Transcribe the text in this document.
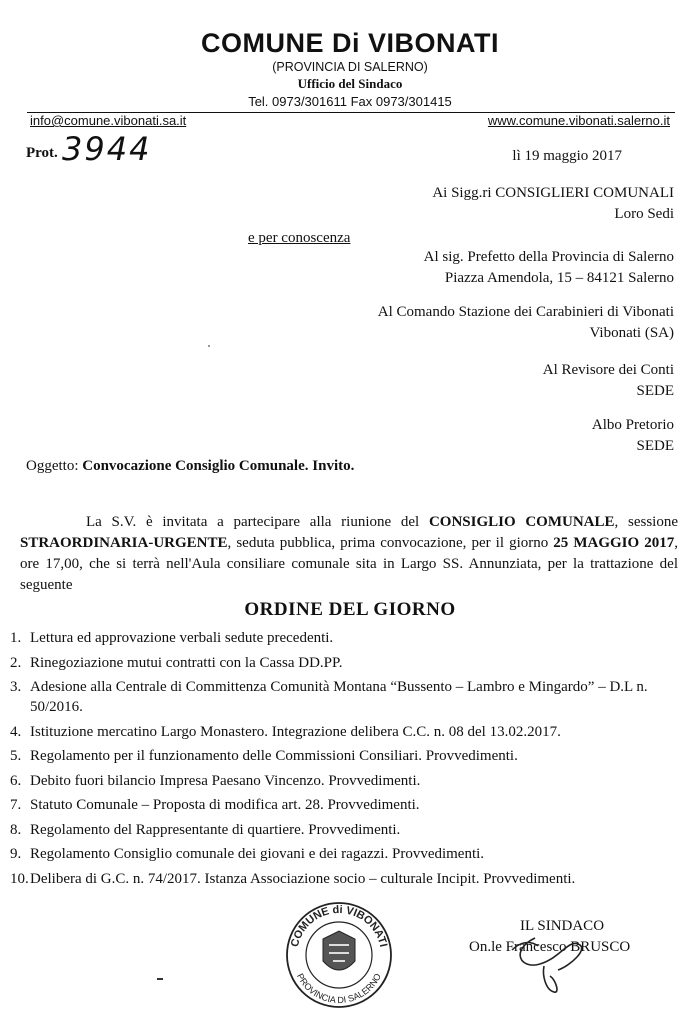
COMUNE Di VIBONATI
(PROVINCIA DI SALERNO)
Ufficio del Sindaco
Tel. 0973/301611 Fax 0973/301415
info@comune.vibonati.sa.it	www.comune.vibonati.salerno.it
Prot. 3944	lì 19 maggio 2017
Ai Sigg.ri CONSIGLIERI COMUNALI
Loro Sedi
e per conoscenza
Al sig. Prefetto della Provincia di Salerno
Piazza Amendola, 15 – 84121 Salerno
Al Comando Stazione dei Carabinieri di Vibonati
Vibonati (SA)
Al Revisore dei Conti
SEDE
Albo Pretorio
SEDE
Oggetto: Convocazione Consiglio Comunale. Invito.
La S.V. è invitata a partecipare alla riunione del CONSIGLIO COMUNALE, sessione STRAORDINARIA-URGENTE, seduta pubblica, prima convocazione, per il giorno 25 MAGGIO 2017, ore 17,00, che si terrà nell'Aula consiliare comunale sita in Largo SS. Annunziata, per la trattazione del seguente
ORDINE DEL GIORNO
1. Lettura ed approvazione verbali sedute precedenti.
2. Rinegoziazione mutui contratti con la Cassa DD.PP.
3. Adesione alla Centrale di Committenza Comunità Montana “Bussento – Lambro e Mingardo” – D.L n. 50/2016.
4. Istituzione mercatino Largo Monastero. Integrazione delibera C.C. n. 08 del 13.02.2017.
5. Regolamento per il funzionamento delle Commissioni Consiliari. Provvedimenti.
6. Debito fuori bilancio Impresa Paesano Vincenzo. Provvedimenti.
7. Statuto Comunale – Proposta di modifica art. 28. Provvedimenti.
8. Regolamento del Rappresentante di quartiere. Provvedimenti.
9. Regolamento Consiglio comunale dei giovani e dei ragazzi. Provvedimenti.
10. Delibera di G.C. n. 74/2017. Istanza Associazione socio – culturale Incipit. Provvedimenti.
COMUNE di VIBONATI
PROVINCIA DI SALERNO
IL SINDACO
On.le Francesco BRUSCO
